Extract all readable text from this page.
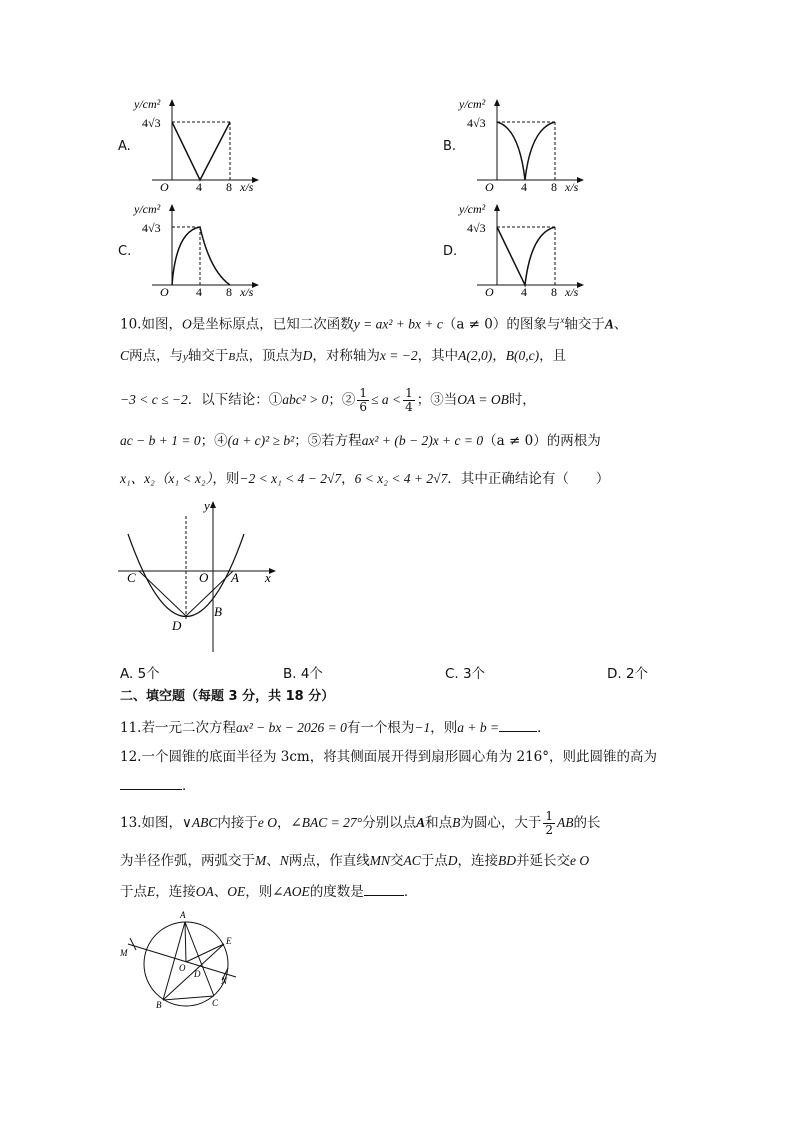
A.	B.
C.	D.
y/cm²
4√3
O 4 8 x/s
y/cm²
4√3
O 4 8 x/s
y/cm²
4√3
O 4 8 x/s
y/cm²
4√3
O 4 8 x/s
10.如图，O是坐标原点，已知二次函数y = ax² + bx + c（a ≠ 0）的图象与$^x$轴交于A、
C两点，与y轴交于B点，顶点为D，对称轴为x = −2，其中A(2,0)，B(0,c)，且
−3 < c ≤ −2．以下结论：①abc² > 0；② $\frac{1}{6} \le a < \frac{1}{4}$ ；③当OA = OB时，
ac − b + 1 = 0；④(a + c)² ≥ b²；⑤若方程ax² + (b − 2)x + c = 0（a ≠ 0）的两根为
x₁、x₂（x₁ < x₂），则−2 < x₁ < 4 − 2√7，6 < x₂ < 4 + 2√7．其中正确结论有（　　）
y
x
C	O A
B
D
A. 5个	B. 4个	C. 3个	D. 2个
二、填空题（每题 3 分，共 18 分）
11.若一元二次方程ax² − bx − 2026 = 0有一个根为−1，则a + b =	．
12.一个圆锥的底面半径为 3cm，将其侧面展开得到扇形圆心角为 216°，则此圆锥的高为
．
13.如图，∨ABC内接于e O，∠BAC = 27°分别以点A和点B为圆心，大于 $\frac{1}{2}$ AB的长
为半径作弧，两弧交于M、N两点，作直线MN交AC于点D，连接BD并延长交e O
于点E，连接OA、OE，则∠AOE的度数是	．
A
E
M
O
D
N
B	C
